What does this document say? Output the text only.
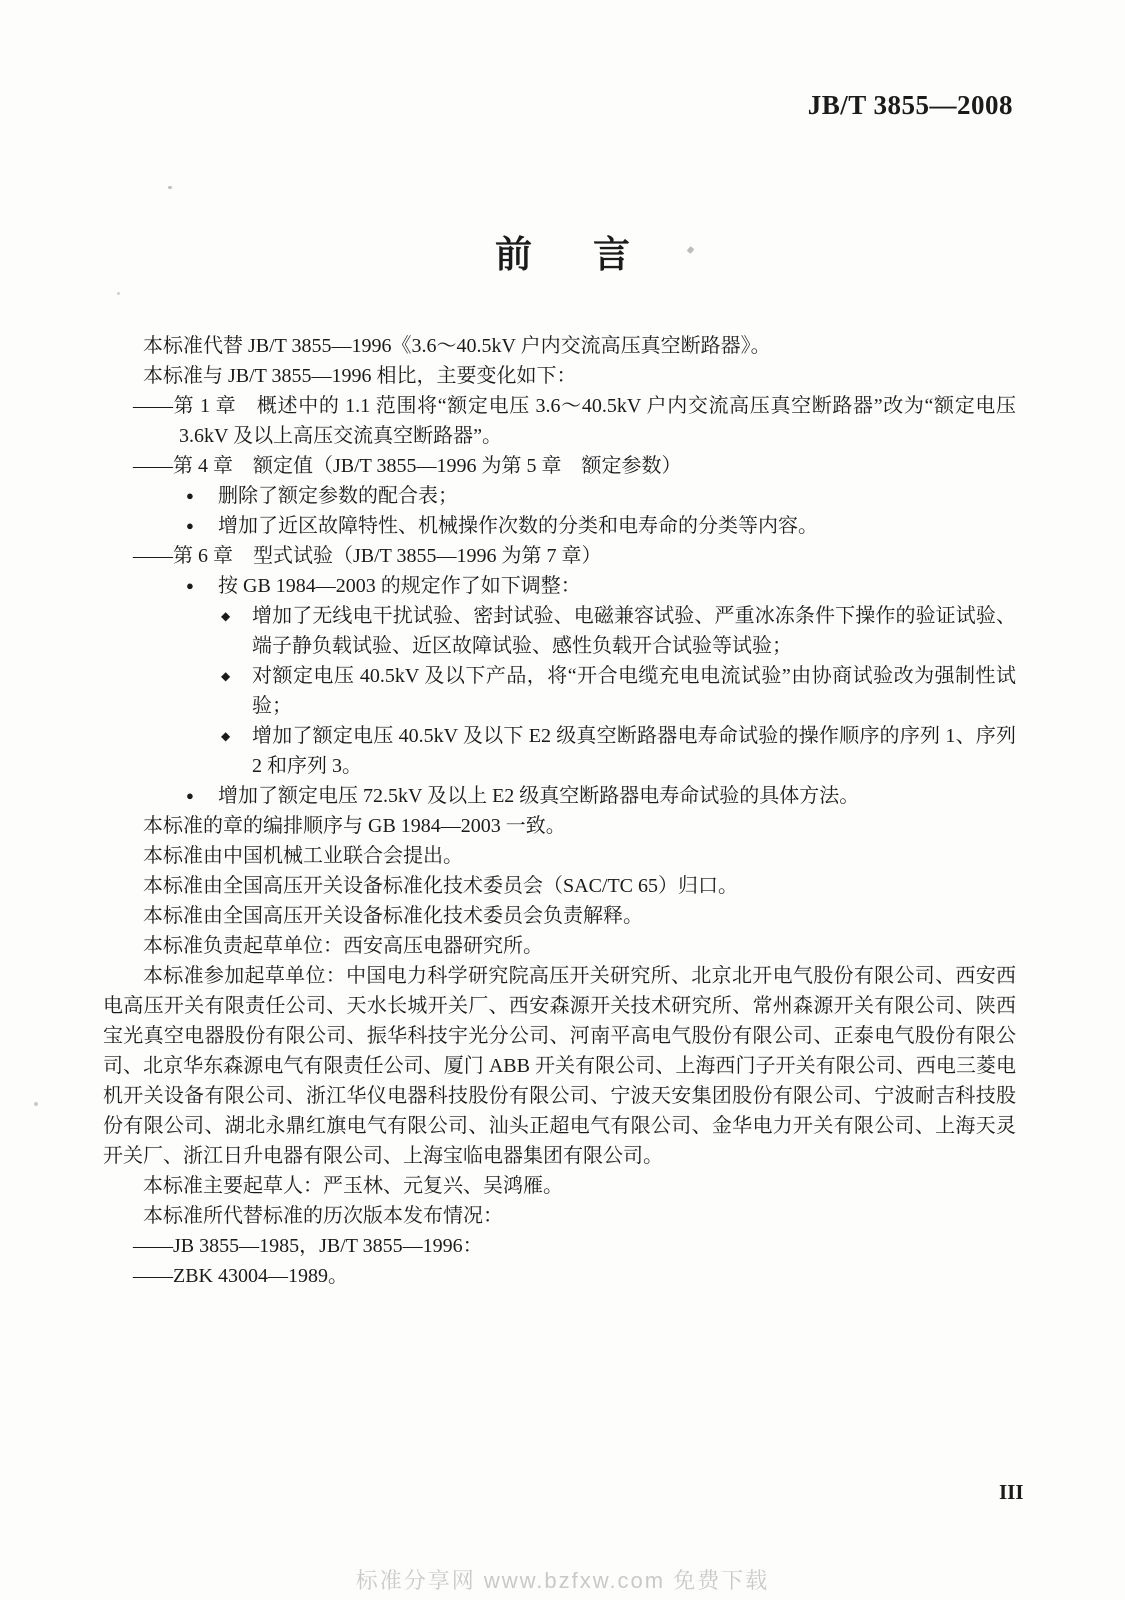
JB/T 3855—2008
前　言
本标准代替 JB/T 3855—1996《3.6～40.5kV 户内交流高压真空断路器》。
本标准与 JB/T 3855—1996 相比，主要变化如下：
——第 1 章　概述中的 1.1 范围将“额定电压 3.6～40.5kV 户内交流高压真空断路器”改为“额定电压 3.6kV 及以上高压交流真空断路器”。
——第 4 章　额定值（JB/T 3855—1996 为第 5 章　额定参数）
● 删除了额定参数的配合表；
● 增加了近区故障特性、机械操作次数的分类和电寿命的分类等内容。
——第 6 章　型式试验（JB/T 3855—1996 为第 7 章）
● 按 GB 1984—2003 的规定作了如下调整：
◆ 增加了无线电干扰试验、密封试验、电磁兼容试验、严重冰冻条件下操作的验证试验、端子静负载试验、近区故障试验、感性负载开合试验等试验；
◆ 对额定电压 40.5kV 及以下产品，将“开合电缆充电电流试验”由协商试验改为强制性试验；
◆ 增加了额定电压 40.5kV 及以下 E2 级真空断路器电寿命试验的操作顺序的序列 1、序列 2 和序列 3。
● 增加了额定电压 72.5kV 及以上 E2 级真空断路器电寿命试验的具体方法。
本标准的章的编排顺序与 GB 1984—2003 一致。
本标准由中国机械工业联合会提出。
本标准由全国高压开关设备标准化技术委员会（SAC/TC 65）归口。
本标准由全国高压开关设备标准化技术委员会负责解释。
本标准负责起草单位：西安高压电器研究所。
本标准参加起草单位：中国电力科学研究院高压开关研究所、北京北开电气股份有限公司、西安西电高压开关有限责任公司、天水长城开关厂、西安森源开关技术研究所、常州森源开关有限公司、陕西宝光真空电器股份有限公司、振华科技宇光分公司、河南平高电气股份有限公司、正泰电气股份有限公司、北京华东森源电气有限责任公司、厦门 ABB 开关有限公司、上海西门子开关有限公司、西电三菱电机开关设备有限公司、浙江华仪电器科技股份有限公司、宁波天安集团股份有限公司、宁波耐吉科技股份有限公司、湖北永鼎红旗电气有限公司、汕头正超电气有限公司、金华电力开关有限公司、上海天灵开关厂、浙江日升电器有限公司、上海宝临电器集团有限公司。
本标准主要起草人：严玉林、元复兴、吴鸿雁。
本标准所代替标准的历次版本发布情况：
——JB 3855—1985，JB/T 3855—1996：
——ZBK 43004—1989。
III
标准分享网 www.bzfxw.com 免费下载
